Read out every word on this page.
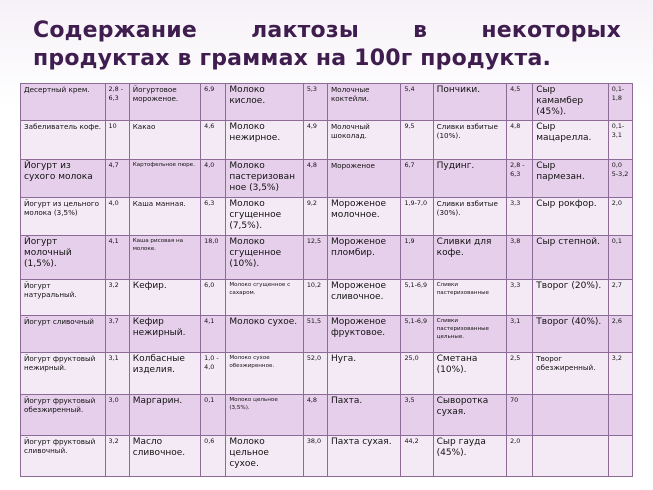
Содержание лактозы в некоторых продуктах в граммах на 100г продукта.
Десертный крем.	2,8 - 6,3	Йогуртовое мороженое.	6,9	Молоко кислое.	5,3	Молочные коктейли.	5,4	Пончики.	4,5	Сыр камамбер (45%).	0,1-1,8
Забеливатель кофе.	10	Какао	4,6	Молоко нежирное.	4,9	Молочный шоколад.	9,5	Сливки взбитые (10%).	4,8	Сыр мацарелла.	0,1-3,1
Йогурт из сухого молока	4,7	Картофельное пюре.	4,0	Молоко пастеризованное (3,5%)	4,8	Мороженое	6,7	Пудинг.	2,8 - 6,3	Сыр пармезан.	0,0 5-3,2
Йогурт из цельного молока (3,5%)	4,0	Каша манная.	6,3	Молоко сгущенное (7,5%).	9,2	Мороженое молочное.	1,9-7,0	Сливки взбитые (30%).	3,3	Сыр рокфор.	2,0
Йогурт молочный (1,5%).	4,1	Каша рисовая на молоке.	18,0	Молоко сгущенное (10%).	12,5	Мороженое пломбир.	1,9	Сливки для кофе.	3,8	Сыр степной.	0,1
Йогурт натуральный.	3,2	Кефир.	6,0	Молоко сгущенное с сахаром.	10,2	Мороженое сливочное.	5,1-6,9	Сливки пастеризованные	3,3	Творог (20%).	2,7
Йогурт сливочный	3,7	Кефир нежирный.	4,1	Молоко сухое.	51,5	Мороженое фруктовое.	5,1-6,9	Сливки пастеризованные цельные.	3,1	Творог (40%).	2,6
Йогурт фруктовый нежирный.	3,1	Колбасные изделия.	1,0 - 4,0	Молоко сухое обезжиренное.	52,0	Нуга.	25,0	Сметана (10%).	2,5	Творог обезжиренный.	3,2
Йогурт фруктовый обезжиренный.	3,0	Маргарин.	0,1	Молоко цельное (3,5%).	4,8	Пахта.	3,5	Сыворотка сухая.	70		
Йогурт фруктовый сливочный.	3,2	Масло сливочное.	0,6	Молоко цельное сухое.	38,0	Пахта сухая.	44,2	Сыр гауда (45%).	2,0		
